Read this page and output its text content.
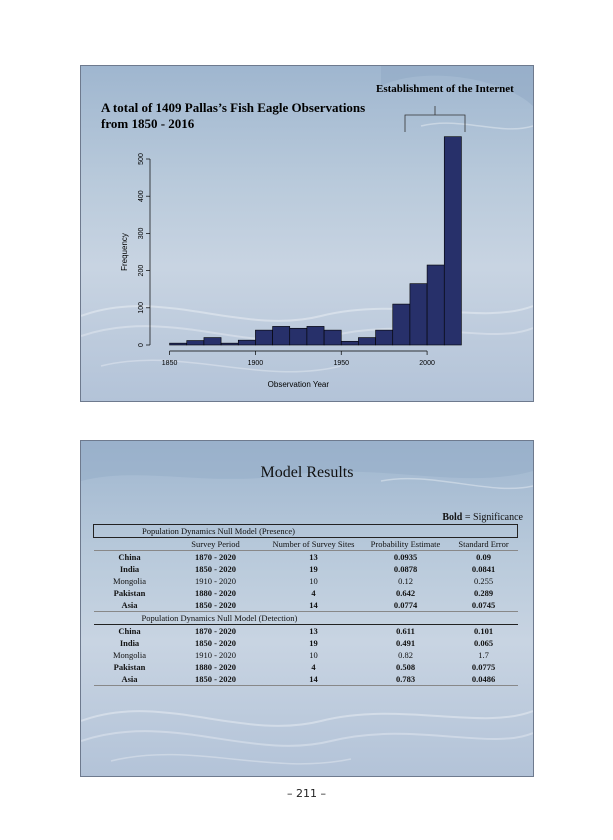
A total of 1409 Pallas’s Fish Eagle Observations
from 1850 - 2016
Establishment of the Internet
1850	1900	1950	2000
0
100
200
300
400
500
Observation Year
Frequency
Model Results
Bold = Significance
Population Dynamics Null Model (Presence)				
	Survey Period	Number of Survey Sites	Probability Estimate	Standard Error
China	1870 - 2020	13	0.0935	0.09
India	1850 - 2020	19	0.0878	0.0841
Mongolia	1910 - 2020	10	0.12	0.255
Pakistan	1880 - 2020	4	0.642	0.289
Asia	1850 - 2020	14	0.0774	0.0745
Population Dynamics Null Model (Detection)				
China	1870 - 2020	13	0.611	0.101
India	1850 - 2020	19	0.491	0.065
Mongolia	1910 - 2020	10	0.82	1.7
Pakistan	1880 - 2020	4	0.508	0.0775
Asia	1850 - 2020	14	0.783	0.0486
– 211 –
